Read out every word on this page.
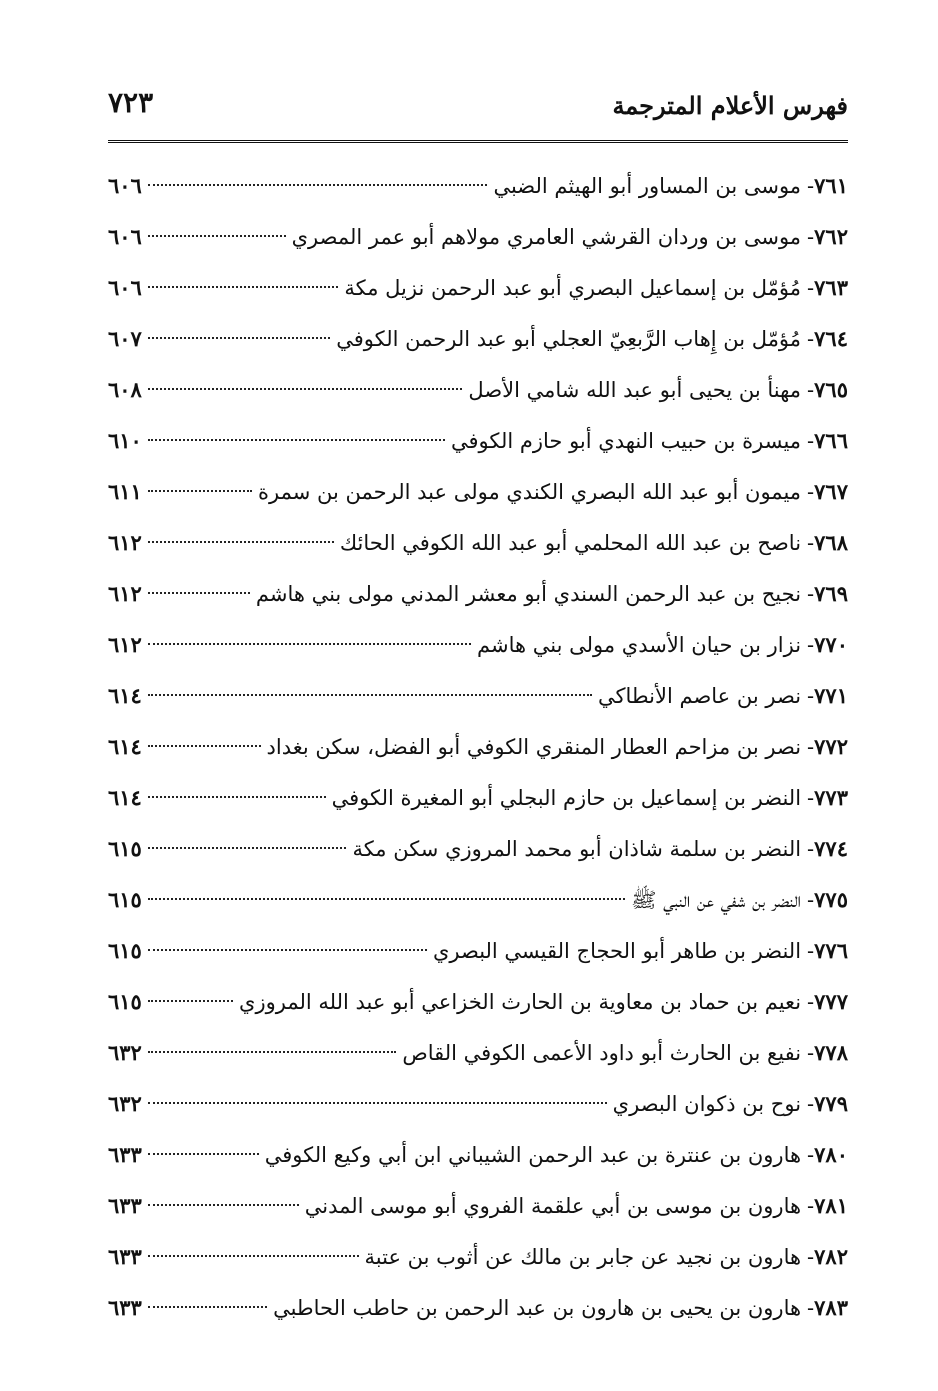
فهرس الأعلام المترجمة
٧٢٣
٧٦١
-
موسى بن المساور أبو الهيثم الضبي
٦٠٦
٧٦٢
-
موسى بن وردان القرشي العامري مولاهم أبو عمر المصري
٦٠٦
٧٦٣
-
مُؤمّل بن إسماعيل البصري أبو عبد الرحمن نزيل مكة
٦٠٦
٧٦٤
-
مُؤمّل بن إِهاب الرَّبعِيّ العجلي أبو عبد الرحمن الكوفي
٦٠٧
٧٦٥
-
مهنأ بن يحيى أبو عبد الله شامي الأصل
٦٠٨
٧٦٦
-
ميسرة بن حبيب النهدي أبو حازم الكوفي
٦١٠
٧٦٧
-
ميمون أبو عبد الله البصري الكندي مولى عبد الرحمن بن سمرة
٦١١
٧٦٨
-
ناصح بن عبد الله المحلمي أبو عبد الله الكوفي الحائك
٦١٢
٧٦٩
-
نجيح بن عبد الرحمن السندي أبو معشر المدني مولى بني هاشم
٦١٢
٧٧٠
-
نزار بن حيان الأسدي مولى بني هاشم
٦١٢
٧٧١
-
نصر بن عاصم الأنطاكي
٦١٤
٧٧٢
-
نصر بن مزاحم العطار المنقري الكوفي أبو الفضل، سكن بغداد
٦١٤
٧٧٣
-
النضر بن إسماعيل بن حازم البجلي أبو المغيرة الكوفي
٦١٤
٧٧٤
-
النضر بن سلمة شاذان أبو محمد المروزي سكن مكة
٦١٥
٧٧٥
-
النضر بن شفي عن النبي ﷺ
٦١٥
٧٧٦
-
النضر بن طاهر أبو الحجاج القيسي البصري
٦١٥
٧٧٧
-
نعيم بن حماد بن معاوية بن الحارث الخزاعي أبو عبد الله المروزي
٦١٥
٧٧٨
-
نفيع بن الحارث أبو داود الأعمى الكوفي القاص
٦٣٢
٧٧٩
-
نوح بن ذكوان البصري
٦٣٢
٧٨٠
-
هارون بن عنترة بن عبد الرحمن الشيباني ابن أبي وكيع الكوفي
٦٣٣
٧٨١
-
هارون بن موسى بن أبي علقمة الفروي أبو موسى المدني
٦٣٣
٧٨٢
-
هارون بن نجيد عن جابر بن مالك عن أثوب بن عتبة
٦٣٣
٧٨٣
-
هارون بن يحيى بن هارون بن عبد الرحمن بن حاطب الحاطبي
٦٣٣
